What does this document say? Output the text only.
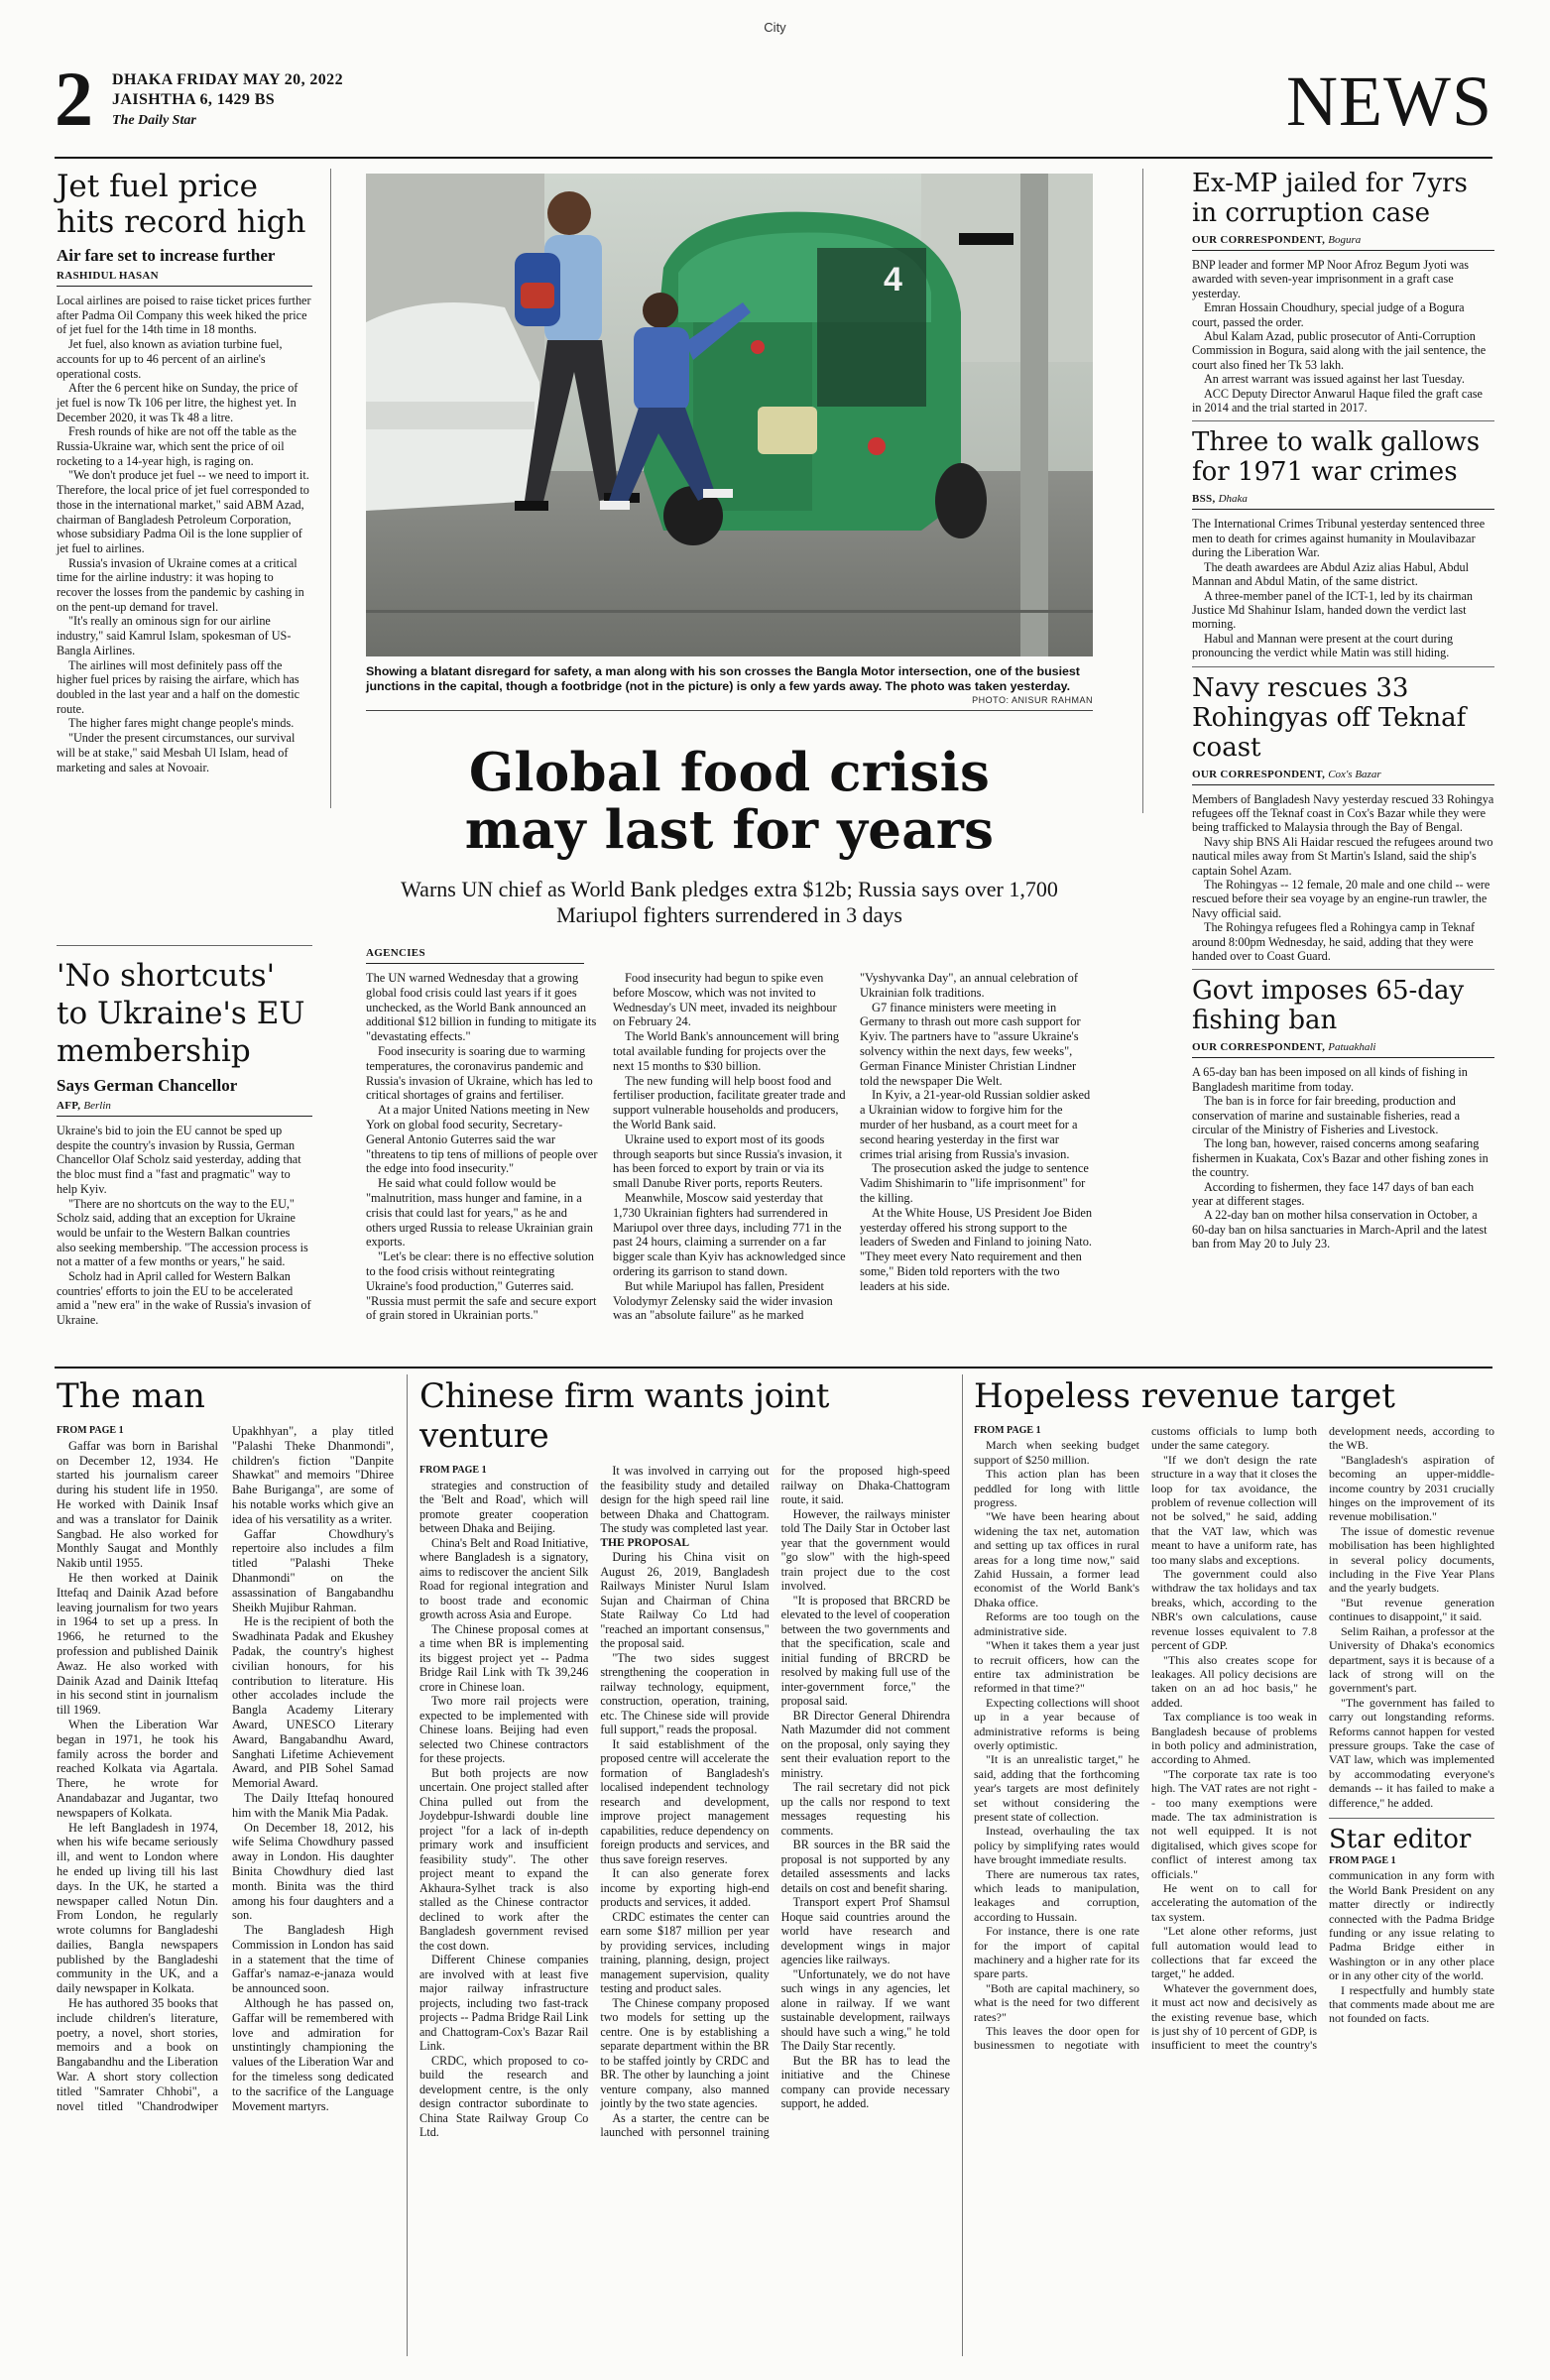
City
2 DHAKA FRIDAY MAY 20, 2022
JAISHTHA 6, 1429 BS
The Daily Star	NEWS
Jet fuel price hits record high
Air fare set to increase further
RASHIDUL HASAN

Local airlines are poised to raise ticket prices further after Padma Oil Company this week hiked the price of jet fuel for the 14th time in 18 months.

Jet fuel, also known as aviation turbine fuel, accounts for up to 46 percent of an airline's operational costs.

After the 6 percent hike on Sunday, the price of jet fuel is now Tk 106 per litre, the highest yet. In December 2020, it was Tk 48 a litre.

Fresh rounds of hike are not off the table as the Russia-Ukraine war, which sent the price of oil rocketing to a 14-year high, is raging on.

"We don't produce jet fuel -- we need to import it. Therefore, the local price of jet fuel corresponded to those in the international market," said ABM Azad, chairman of Bangladesh Petroleum Corporation, whose subsidiary Padma Oil is the lone supplier of jet fuel to airlines.

Russia's invasion of Ukraine comes at a critical time for the airline industry: it was hoping to recover the losses from the pandemic by cashing in on the pent-up demand for travel.

"It's really an ominous sign for our airline industry," said Kamrul Islam, spokesman of US-Bangla Airlines.

The airlines will most definitely pass off the higher fuel prices by raising the airfare, which has doubled in the last year and a half on the domestic route.

The higher fares might change people's minds.

"Under the present circumstances, our survival will be at stake," said Mesbah Ul Islam, head of marketing and sales at Novoair.

'No shortcuts' to Ukraine's EU membership
Says German Chancellor
AFP, Berlin

Ukraine's bid to join the EU cannot be sped up despite the country's invasion by Russia, German Chancellor Olaf Scholz said yesterday, adding that the bloc must find a "fast and pragmatic" way to help Kyiv.

"There are no shortcuts on the way to the EU," Scholz said, adding that an exception for Ukraine would be unfair to the Western Balkan countries also seeking membership. "The accession process is not a matter of a few months or years," he said.

Scholz had in April called for Western Balkan countries' efforts to join the EU to be accelerated amid a "new era" in the wake of Russia's invasion of Ukraine.

4
Showing a blatant disregard for safety, a man along with his son crosses the Bangla Motor intersection, one of the busiest junctions in the capital, though a footbridge (not in the picture) is only a few yards away. The photo was taken yesterday.
PHOTO: ANISUR RAHMAN
Global food crisis may last for years
Warns UN chief as World Bank pledges extra $12b; Russia says over 1,700 Mariupol fighters surrendered in 3 days
AGENCIES

The UN warned Wednesday that a growing global food crisis could last years if it goes unchecked, as the World Bank announced an additional $12 billion in funding to mitigate its "devastating effects."

Food insecurity is soaring due to warming temperatures, the coronavirus pandemic and Russia's invasion of Ukraine, which has led to critical shortages of grains and fertiliser.

At a major United Nations meeting in New York on global food security, Secretary-General Antonio Guterres said the war "threatens to tip tens of millions of people over the edge into food insecurity."

He said what could follow would be "malnutrition, mass hunger and famine, in a crisis that could last for years," as he and others urged Russia to release Ukrainian grain exports.

"Let's be clear: there is no effective solution to the food crisis without reintegrating Ukraine's food production," Guterres said. "Russia must permit the safe and secure export of grain stored in Ukrainian ports."

Food insecurity had begun to spike even before Moscow, which was not invited to Wednesday's UN meet, invaded its neighbour on February 24.

The World Bank's announcement will bring total available funding for projects over the next 15 months to $30 billion.

The new funding will help boost food and fertiliser production, facilitate greater trade and support vulnerable households and producers, the World Bank said.

Ukraine used to export most of its goods through seaports but since Russia's invasion, it has been forced to export by train or via its small Danube River ports, reports Reuters.

Meanwhile, Moscow said yesterday that 1,730 Ukrainian fighters had surrendered in Mariupol over three days, including 771 in the past 24 hours, claiming a surrender on a far bigger scale than Kyiv has acknowledged since ordering its garrison to stand down.

But while Mariupol has fallen, President Volodymyr Zelensky said the wider invasion was an "absolute failure" as he marked "Vyshyvanka Day", an annual celebration of Ukrainian folk traditions.

G7 finance ministers were meeting in Germany to thrash out more cash support for Kyiv. The partners have to "assure Ukraine's solvency within the next days, few weeks", German Finance Minister Christian Lindner told the newspaper Die Welt.

In Kyiv, a 21-year-old Russian soldier asked a Ukrainian widow to forgive him for the murder of her husband, as a court meet for a second hearing yesterday in the first war crimes trial arising from Russia's invasion.

The prosecution asked the judge to sentence Vadim Shishimarin to "life imprisonment" for the killing.

At the White House, US President Joe Biden yesterday offered his strong support to the leaders of Sweden and Finland to joining Nato. "They meet every Nato requirement and then some," Biden told reporters with the two leaders at his side.

Ex-MP jailed for 7yrs in corruption case
OUR CORRESPONDENT, Bogura

BNP leader and former MP Noor Afroz Begum Jyoti was awarded with seven-year imprisonment in a graft case yesterday.

Emran Hossain Choudhury, special judge of a Bogura court, passed the order.

Abul Kalam Azad, public prosecutor of Anti-Corruption Commission in Bogura, said along with the jail sentence, the court also fined her Tk 53 lakh.

An arrest warrant was issued against her last Tuesday.

ACC Deputy Director Anwarul Haque filed the graft case in 2014 and the trial started in 2017.

Three to walk gallows for 1971 war crimes
BSS, Dhaka

The International Crimes Tribunal yesterday sentenced three men to death for crimes against humanity in Moulavibazar during the Liberation War.

The death awardees are Abdul Aziz alias Habul, Abdul Mannan and Abdul Matin, of the same district.

A three-member panel of the ICT-1, led by its chairman Justice Md Shahinur Islam, handed down the verdict last morning.

Habul and Mannan were present at the court during pronouncing the verdict while Matin was still hiding.

Navy rescues 33 Rohingyas off Teknaf coast
OUR CORRESPONDENT, Cox's Bazar

Members of Bangladesh Navy yesterday rescued 33 Rohingya refugees off the Teknaf coast in Cox's Bazar while they were being trafficked to Malaysia through the Bay of Bengal.

Navy ship BNS Ali Haidar rescued the refugees around two nautical miles away from St Martin's Island, said the ship's captain Sohel Azam.

The Rohingyas -- 12 female, 20 male and one child -- were rescued before their sea voyage by an engine-run trawler, the Navy official said.

The Rohingya refugees fled a Rohingya camp in Teknaf around 8:00pm Wednesday, he said, adding that they were handed over to Coast Guard.

Govt imposes 65-day fishing ban
OUR CORRESPONDENT, Patuakhali

A 65-day ban has been imposed on all kinds of fishing in Bangladesh maritime from today.

The ban is in force for fair breeding, production and conservation of marine and sustainable fisheries, read a circular of the Ministry of Fisheries and Livestock.

The long ban, however, raised concerns among seafaring fishermen in Kuakata, Cox's Bazar and other fishing zones in the country.

According to fishermen, they face 147 days of ban each year at different stages.

A 22-day ban on mother hilsa conservation in October, a 60-day ban on hilsa sanctuaries in March-April and the latest ban from May 20 to July 23.

The man
FROM PAGE 1

Gaffar was born in Barishal on December 12, 1934. He started his journalism career during his student life in 1950. He worked with Dainik Insaf and was a translator for Dainik Sangbad. He also worked for Monthly Saugat and Monthly Nakib until 1955.

He then worked at Dainik Ittefaq and Dainik Azad before leaving journalism for two years in 1964 to set up a press. In 1966, he returned to the profession and published Dainik Awaz. He also worked with Dainik Azad and Dainik Ittefaq in his second stint in journalism till 1969.

When the Liberation War began in 1971, he took his family across the border and reached Kolkata via Agartala. There, he wrote for Anandabazar and Jugantar, two newspapers of Kolkata.

He left Bangladesh in 1974, when his wife became seriously ill, and went to London where he ended up living till his last days. In the UK, he started a newspaper called Notun Din. From London, he regularly wrote columns for Bangladeshi dailies, Bangla newspapers published by the Bangladeshi community in the UK, and a daily newspaper in Kolkata.

He has authored 35 books that include children's literature, poetry, a novel, short stories, memoirs and a book on Bangabandhu and the Liberation War. A short story collection titled "Samrater Chhobi", a novel titled "Chandrodwiper Upakhhyan", a play titled "Palashi Theke Dhanmondi", children's fiction "Danpite Shawkat" and memoirs "Dhiree Bahe Buriganga", are some of his notable works which give an idea of his versatility as a writer.

Gaffar Chowdhury's repertoire also includes a film titled "Palashi Theke Dhanmondi" on the assassination of Bangabandhu Sheikh Mujibur Rahman.

He is the recipient of both the Swadhinata Padak and Ekushey Padak, the country's highest civilian honours, for his contribution to literature. His other accolades include the Bangla Academy Literary Award, UNESCO Literary Award, Bangabandhu Award, Sanghati Lifetime Achievement Award, and PIB Sohel Samad Memorial Award.

The Daily Ittefaq honoured him with the Manik Mia Padak.

On December 18, 2012, his wife Selima Chowdhury passed away in London. His daughter Binita Chowdhury died last month. Binita was the third among his four daughters and a son.

The Bangladesh High Commission in London has said in a statement that the time of Gaffar's namaz-e-janaza would be announced soon.

Although he has passed on, Gaffar will be remembered with love and admiration for unstintingly championing the values of the Liberation War and for the timeless song dedicated to the sacrifice of the Language Movement martyrs.

Chinese firm wants joint venture
FROM PAGE 1

strategies and construction of the 'Belt and Road', which will promote greater cooperation between Dhaka and Beijing.

China's Belt and Road Initiative, where Bangladesh is a signatory, aims to rediscover the ancient Silk Road for regional integration and to boost trade and economic growth across Asia and Europe.

The Chinese proposal comes at a time when BR is implementing its biggest project yet -- Padma Bridge Rail Link with Tk 39,246 crore in Chinese loan.

Two more rail projects were expected to be implemented with Chinese loans. Beijing had even selected two Chinese contractors for these projects.

But both projects are now uncertain. One project stalled after China pulled out from the Joydebpur-Ishwardi double line project "for a lack of in-depth primary work and insufficient feasibility study". The other project meant to expand the Akhaura-Sylhet track is also stalled as the Chinese contractor declined to work after the Bangladesh government revised the cost down.

Different Chinese companies are involved with at least five major railway infrastructure projects, including two fast-track projects -- Padma Bridge Rail Link and Chattogram-Cox's Bazar Rail Link.

CRDC, which proposed to co-build the research and development centre, is the only design contractor subordinate to China State Railway Group Co Ltd.

It was involved in carrying out the feasibility study and detailed design for the high speed rail line between Dhaka and Chattogram. The study was completed last year.

THE PROPOSAL

During his China visit on August 26, 2019, Bangladesh Railways Minister Nurul Islam Sujan and Chairman of China State Railway Co Ltd had "reached an important consensus," the proposal said.

"The two sides suggest strengthening the cooperation in railway technology, equipment, construction, operation, training, etc. The Chinese side will provide full support," reads the proposal.

It said establishment of the proposed centre will accelerate the formation of Bangladesh's localised independent technology research and development, improve project management capabilities, reduce dependency on foreign products and services, and thus save foreign reserves.

It can also generate forex income by exporting high-end products and services, it added.

CRDC estimates the center can earn some $187 million per year by providing services, including training, planning, design, project management supervision, quality testing and product sales.

The Chinese company proposed two models for setting up the centre. One is by establishing a separate department within the BR to be staffed jointly by CRDC and BR. The other by launching a joint venture company, also manned jointly by the two state agencies.

As a starter, the centre can be launched with personnel training for the proposed high-speed railway on Dhaka-Chattogram route, it said.

However, the railways minister told The Daily Star in October last year that the government would "go slow" with the high-speed train project due to the cost involved.

"It is proposed that BRCRD be elevated to the level of cooperation between the two governments and that the specification, scale and initial funding of BRCRD be resolved by making full use of the inter-government force," the proposal said.

BR Director General Dhirendra Nath Mazumder did not comment on the proposal, only saying they sent their evaluation report to the ministry.

The rail secretary did not pick up the calls nor respond to text messages requesting his comments.

BR sources in the BR said the proposal is not supported by any detailed assessments and lacks details on cost and benefit sharing.

Transport expert Prof Shamsul Hoque said countries around the world have research and development wings in major agencies like railways.

"Unfortunately, we do not have such wings in any agencies, let alone in railway. If we want sustainable development, railways should have such a wing," he told The Daily Star recently.

But the BR has to lead the initiative and the Chinese company can provide necessary support, he added.

Hopeless revenue target
FROM PAGE 1

March when seeking budget support of $250 million.

This action plan has been peddled for long with little progress.

"We have been hearing about widening the tax net, automation and setting up tax offices in rural areas for a long time now," said Zahid Hussain, a former lead economist of the World Bank's Dhaka office.

Reforms are too tough on the administrative side.

"When it takes them a year just to recruit officers, how can the entire tax administration be reformed in that time?"

Expecting collections will shoot up in a year because of administrative reforms is being overly optimistic.

"It is an unrealistic target," he said, adding that the forthcoming year's targets are most definitely set without considering the present state of collection.

Instead, overhauling the tax policy by simplifying rates would have brought immediate results.

There are numerous tax rates, which leads to manipulation, leakages and corruption, according to Hussain.

For instance, there is one rate for the import of capital machinery and a higher rate for its spare parts.

"Both are capital machinery, so what is the need for two different rates?"

This leaves the door open for businessmen to negotiate with customs officials to lump both under the same category.

"If we don't design the rate structure in a way that it closes the loop for tax avoidance, the problem of revenue collection will not be solved," he said, adding that the VAT law, which was meant to have a uniform rate, has too many slabs and exceptions.

The government could also withdraw the tax holidays and tax breaks, which, according to the NBR's own calculations, cause revenue losses equivalent to 7.8 percent of GDP.

"This also creates scope for leakages. All policy decisions are taken on an ad hoc basis," he added.

Tax compliance is too weak in Bangladesh because of problems in both policy and administration, according to Ahmed.

"The corporate tax rate is too high. The VAT rates are not right -- too many exemptions were made. The tax administration is not well equipped. It is not digitalised, which gives scope for conflict of interest among tax officials."

He went on to call for accelerating the automation of the tax system.

"Let alone other reforms, just full automation would lead to collections that far exceed the target," he added.

Whatever the government does, it must act now and decisively as the existing revenue base, which is just shy of 10 percent of GDP, is insufficient to meet the country's development needs, according to the WB.

"Bangladesh's aspiration of becoming an upper-middle-income country by 2031 crucially hinges on the improvement of its revenue mobilisation."

The issue of domestic revenue mobilisation has been highlighted in several policy documents, including in the Five Year Plans and the yearly budgets.

"But revenue generation continues to disappoint," it said.

Selim Raihan, a professor at the University of Dhaka's economics department, says it is because of a lack of strong will on the government's part.

"The government has failed to carry out longstanding reforms. Reforms cannot happen for vested pressure groups. Take the case of VAT law, which was implemented by accommodating everyone's demands -- it has failed to make a difference," he added.

Star editor
FROM PAGE 1

communication in any form with the World Bank President on any matter directly or indirectly connected with the Padma Bridge funding or any issue relating to Padma Bridge either in Washington or in any other place or in any other city of the world.

I respectfully and humbly state that comments made about me are not founded on facts.
